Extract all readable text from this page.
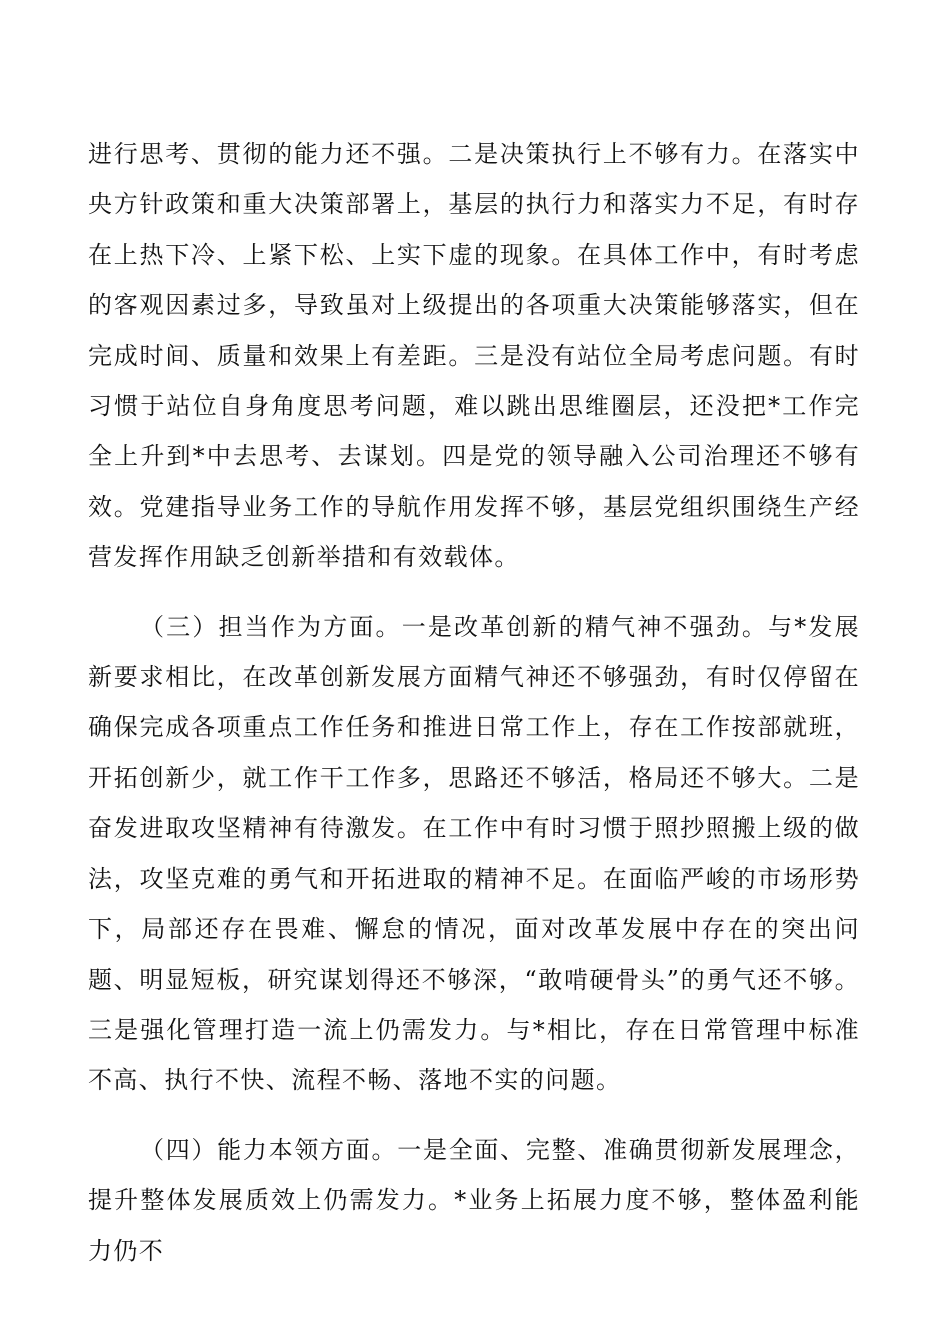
进行思考、贯彻的能力还不强。二是决策执行上不够有力。在落实中央方针政策和重大决策部署上，基层的执行力和落实力不足，有时存在上热下冷、上紧下松、上实下虚的现象。在具体工作中，有时考虑的客观因素过多，导致虽对上级提出的各项重大决策能够落实，但在完成时间、质量和效果上有差距。三是没有站位全局考虑问题。有时习惯于站位自身角度思考问题，难以跳出思维圈层，还没把*工作完全上升到*中去思考、去谋划。四是党的领导融入公司治理还不够有效。党建指导业务工作的导航作用发挥不够，基层党组织围绕生产经营发挥作用缺乏创新举措和有效载体。

（三）担当作为方面。一是改革创新的精气神不强劲。与*发展新要求相比，在改革创新发展方面精气神还不够强劲，有时仅停留在确保完成各项重点工作任务和推进日常工作上，存在工作按部就班，开拓创新少，就工作干工作多，思路还不够活，格局还不够大。二是奋发进取攻坚精神有待激发。在工作中有时习惯于照抄照搬上级的做法，攻坚克难的勇气和开拓进取的精神不足。在面临严峻的市场形势下，局部还存在畏难、懈怠的情况，面对改革发展中存在的突出问题、明显短板，研究谋划得还不够深，“敢啃硬骨头”的勇气还不够。三是强化管理打造一流上仍需发力。与*相比，存在日常管理中标准不高、执行不快、流程不畅、落地不实的问题。

（四）能力本领方面。一是全面、完整、准确贯彻新发展理念，提升整体发展质效上仍需发力。*业务上拓展力度不够，整体盈利能力仍不
